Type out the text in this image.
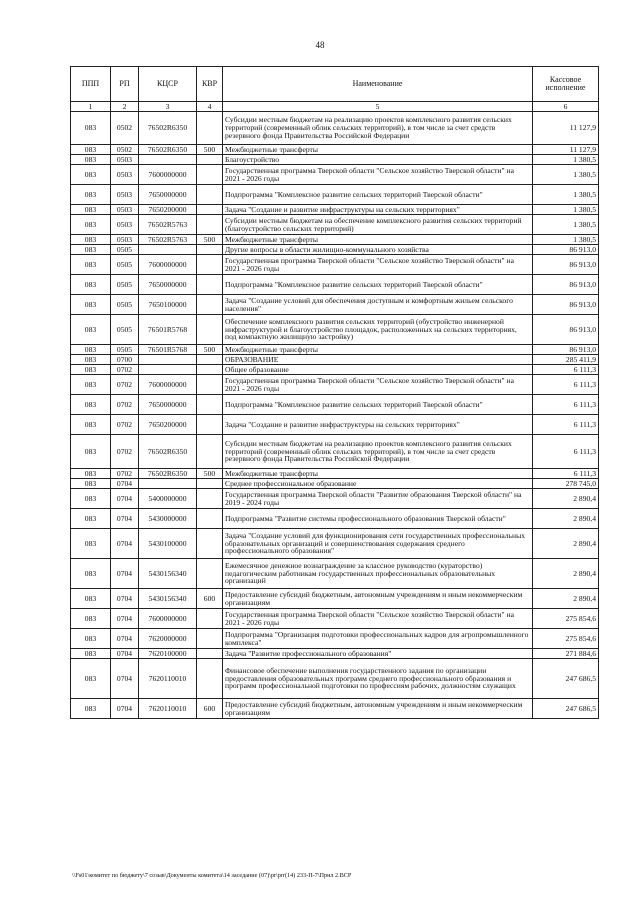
48
ППП	РП	КЦСР	КВР	Наименование	Кассовое исполнение
1	2	3	4	5	6
083	0502	76502R6350		Субсидии местным бюджетам на реализацию проектов комплексного развития сельских территорий (современный облик сельских территорий), в том числе за счет средств резервного фонда Правительства Российской Федерации	11 127,9
083	0502	76502R6350	500	Межбюджетные трансферты	11 127,9
083	0503			Благоустройство	1 380,5
083	0503	7600000000		Государственная программа Тверской области "Сельское хозяйство Тверской области" на 2021 - 2026 годы	1 380,5
083	0503	7650000000		Подпрограмма "Комплексное развитие сельских территорий Тверской области"	1 380,5
083	0503	7650200000		Задача "Создание и развитие инфраструктуры на сельских территориях"	1 380,5
083	0503	76502R5763		Субсидии местным бюджетам на обеспечение комплексного развития сельских территорий (благоустройство сельских территорий)	1 380,5
083	0503	76502R5763	500	Межбюджетные трансферты	1 380,5
083	0505			Другие вопросы в области жилищно-коммунального хозяйства	86 913,0
083	0505	7600000000		Государственная программа Тверской области "Сельское хозяйство Тверской области" на 2021 - 2026 годы	86 913,0
083	0505	7650000000		Подпрограмма "Комплексное развитие сельских территорий Тверской области"	86 913,0
083	0505	7650100000		Задача "Создание условий для обеспечения доступным и комфортным жильем сельского населения"	86 913,0
083	0505	76501R5768		Обеспечение комплексного развития сельских территорий (обустройство инженерной инфраструктурой и благоустройство площадок, расположенных на сельских территориях, под компактную жилищную застройку)	86 913,0
083	0505	76501R5768	500	Межбюджетные трансферты	86 913,0
083	0700			ОБРАЗОВАНИЕ	285 411,9
083	0702			Общее образование	6 111,3
083	0702	7600000000		Государственная программа Тверской области "Сельское хозяйство Тверской области" на 2021 - 2026 годы	6 111,3
083	0702	7650000000		Подпрограмма "Комплексное развитие сельских территорий Тверской области"	6 111,3
083	0702	7650200000		Задача "Создание и развитие инфраструктуры на сельских территориях"	6 111,3
083	0702	76502R6350		Субсидии местным бюджетам на реализацию проектов комплексного развития сельских территорий (современный облик сельских территорий), в том числе за счет средств резервного фонда Правительства Российской Федерации	6 111,3
083	0702	76502R6350	500	Межбюджетные трансферты	6 111,3
083	0704			Среднее профессиональное образование	278 745,0
083	0704	5400000000		Государственная программа Тверской области "Развитие образования Тверской области" на 2019 - 2024 годы	2 890,4
083	0704	5430000000		Подпрограмма "Развитие системы профессионального образования Тверской области"	2 890,4
083	0704	5430100000		Задача "Создание условий для функционирования сети государственных профессиональных образовательных организаций и совершенствования содержания среднего профессионального образования"	2 890,4
083	0704	5430156340		Ежемесячное денежное вознаграждение за классное руководство (кураторство) педагогическим работникам государственных профессиональных образовательных организаций	2 890,4
083	0704	5430156340	600	Предоставление субсидий бюджетным, автономным учреждениям и иным некоммерческим организациям	2 890,4
083	0704	7600000000		Государственная программа Тверской области "Сельское хозяйство Тверской области" на 2021 - 2026 годы	275 854,6
083	0704	7620000000		Подпрограмма "Организация подготовки профессиональных кадров для агропромышленного комплекса"	275 854,6
083	0704	7620100000		Задача "Развитие профессионального образования"	271 884,6
083	0704	7620110010		Финансовое обеспечение выполнения государственного задания по организации предоставления образовательных программ среднего профессионального образования и программ профессиональной подготовки по профессиям рабочих, должностям служащих	247 686,5
083	0704	7620110010	600	Предоставление субсидий бюджетным, автономным учреждениям и иным некоммерческим организациям	247 686,5
\\Fs01\комитет по бюджету\7 созыв\Документы комитета\14 заседание (07)\pr\prr(14) 233-П-7\Прил 2.ВСР
